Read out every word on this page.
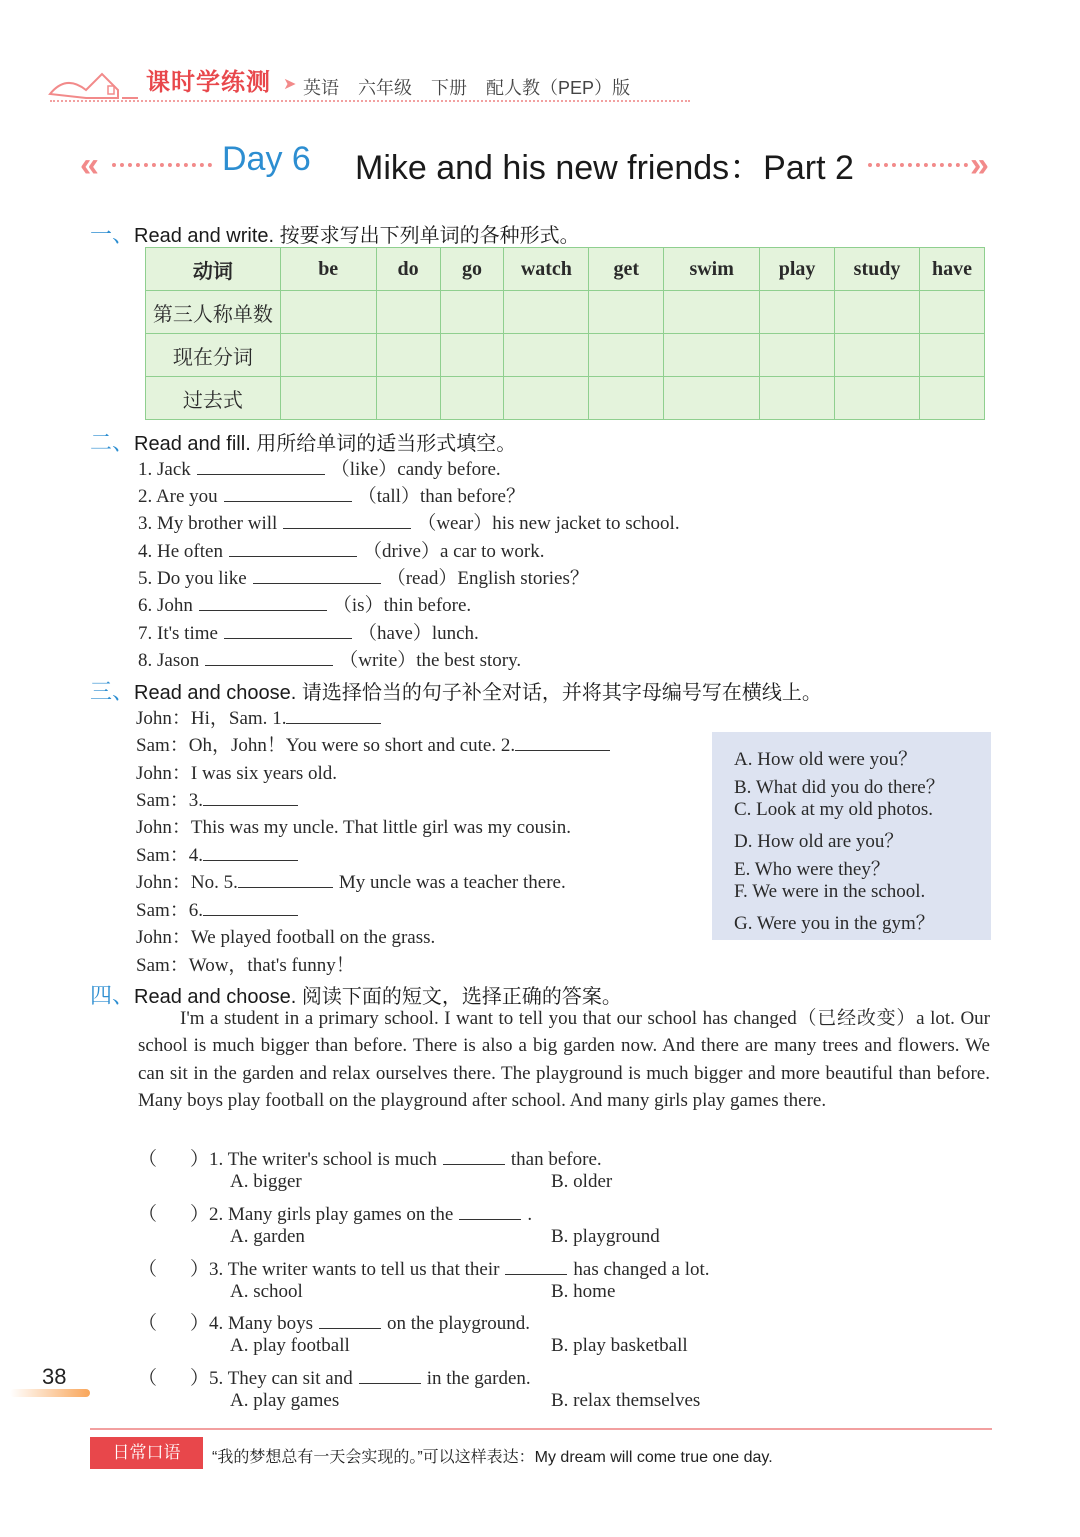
课时学练测 ➤ 英语 六年级 下册 配人教（PEP）版
«	Day 6 Mike and his new friends：Part 2	»
一、Read and write. 按要求写出下列单词的各种形式。
动词	be	do	go	watch	get	swim	play	study	have
第三人称单数									
现在分词									
过去式									
二、Read and fill. 用所给单词的适当形式填空。
1. Jack	（like）candy before.
2. Are you	（tall）than before？
3. My brother will	（wear）his new jacket to school.
4. He often	（drive）a car to work.
5. Do you like	（read）English stories？
6. John	（is）thin before.
7. It's time	（have）lunch.
8. Jason	（write）the best story.
三、Read and choose. 请选择恰当的句子补全对话，并将其字母编号写在横线上。
John：Hi，Sam. 1.
Sam：Oh，John！You were so short and cute. 2.
John：I was six years old.
Sam：3.
John：This was my uncle. That little girl was my cousin.
Sam：4.
John：No. 5.	My uncle was a teacher there.
Sam：6.
John：We played football on the grass.
Sam：Wow，that's funny！
A. How old were you？
B. What did you do there？
C. Look at my old photos.
D. How old are you？
E. Who were they？
F. We were in the school.
G. Were you in the gym？
四、Read and choose. 阅读下面的短文，选择正确的答案。

I'm a student in a primary school. I want to tell you that our school has changed（已经改变）a lot. Our school is much bigger than before. There is also a big garden now. And there are many trees and flowers. We can sit in the garden and relax ourselves there. The playground is much bigger and more beautiful than before. Many boys play football on the playground after school. And many girls play games there.

（ ）1. The writer's school is much	than before.
A. bigger	B. older
（ ）2. Many girls play games on the	.
A. garden	B. playground
（ ）3. The writer wants to tell us that their	has changed a lot.
A. school	B. home
（ ）4. Many boys	on the playground.
A. play football	B. play basketball
（ ）5. They can sit and	in the garden.
A. play games	B. relax themselves
38
日常口语	“我的梦想总有一天会实现的。”可以这样表达：My dream will come true one day.
